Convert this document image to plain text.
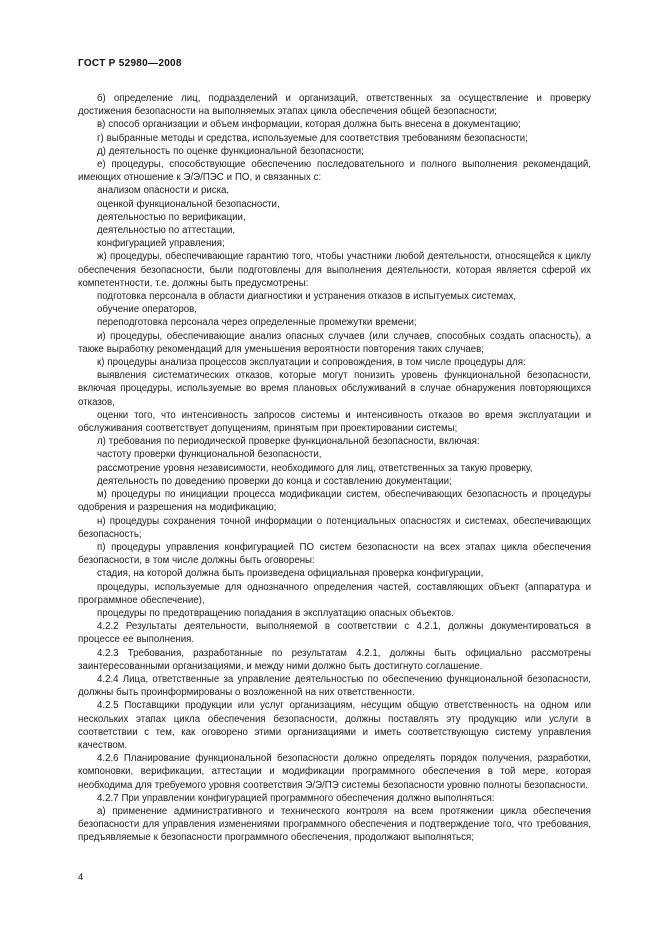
ГОСТ Р 52980—2008

б) определение лиц, подразделений и организаций, ответственных за осуществление и проверку достижения безопасности на выполняемых этапах цикла обеспечения общей безопасности;

в) способ организации и объем информации, которая должна быть внесена в документацию;

г) выбранные методы и средства, используемые для соответствия требованиям безопасности;

д) деятельность по оценке функциональной безопасности;

е) процедуры, способствующие обеспечению последовательного и полного выполнения рекомендаций, имеющих отношение к Э/Э/ПЭС и ПО, и связанных с:

анализом опасности и риска,

оценкой функциональной безопасности,

деятельностью по верификации,

деятельностью по аттестации,

конфигурацией управления;

ж) процедуры, обеспечивающие гарантию того, чтобы участники любой деятельности, относящейся к циклу обеспечения безопасности, были подготовлены для выполнения деятельности, которая является сферой их компетентности, т.е. должны быть предусмотрены:

подготовка персонала в области диагностики и устранения отказов в испытуемых системах,

обучение операторов,

переподготовка персонала через определенные промежутки времени;

и) процедуры, обеспечивающие анализ опасных случаев (или случаев, способных создать опасность), а также выработку рекомендаций для уменьшения вероятности повторения таких случаев;

к) процедуры анализа процессов эксплуатации и сопровождения, в том числе процедуры для:

выявления систематических отказов, которые могут понизить уровень функциональной безопасности, включая процедуры, используемые во время плановых обслуживаний в случае обнаружения повторяющихся отказов,

оценки того, что интенсивность запросов системы и интенсивность отказов во время эксплуатации и обслуживания соответствует допущениям, принятым при проектировании системы;

л) требования по периодической проверке функциональной безопасности, включая:

частоту проверки функциональной безопасности,

рассмотрение уровня независимости, необходимого для лиц, ответственных за такую проверку,

деятельность по доведению проверки до конца и составлению документации;

м) процедуры по инициации процесса модификации систем, обеспечивающих безопасность и процедуры одобрения и разрешения на модификацию;

н) процедуры сохранения точной информации о потенциальных опасностях и системах, обеспечивающих безопасность;

п) процедуры управления конфигурацией ПО систем безопасности на всех этапах цикла обеспечения безопасности, в том числе должны быть оговорены:

стадия, на которой должна быть произведена официальная проверка конфигурации,

процедуры, используемые для однозначного определения частей, составляющих объект (аппаратура и программное обеспечение),

процедуры по предотвращению попадания в эксплуатацию опасных объектов.

4.2.2 Результаты деятельности, выполняемой в соответствии с 4.2.1, должны документироваться в процессе ее выполнения.

4.2.3 Требования, разработанные по результатам 4.2.1, должны быть официально рассмотрены заинтересованными организациями, и между ними должно быть достигнуто соглашение.

4.2.4 Лица, ответственные за управление деятельностью по обеспечению функциональной безопасности, должны быть проинформированы о возложенной на них ответственности.

4.2.5 Поставщики продукции или услуг организациям, несущим общую ответственность на одном или нескольких этапах цикла обеспечения безопасности, должны поставлять эту продукцию или услуги в соответствии с тем, как оговорено этими организациями и иметь соответствующую систему управления качеством.

4.2.6 Планирование функциональной безопасности должно определять порядок получения, разработки, компоновки, верификации, аттестации и модификации программного обеспечения в той мере, которая необходима для требуемого уровня соответствия Э/Э/ПЭ системы безопасности уровню полноты безопасности.

4.2.7 При управлении конфигурацией программного обеспечения должно выполняться:

а) применение административного и технического контроля на всем протяжении цикла обеспечения безопасности для управления изменениями программного обеспечения и подтверждение того, что требования, предъявляемые к безопасности программного обеспечения, продолжают выполняться;

4
